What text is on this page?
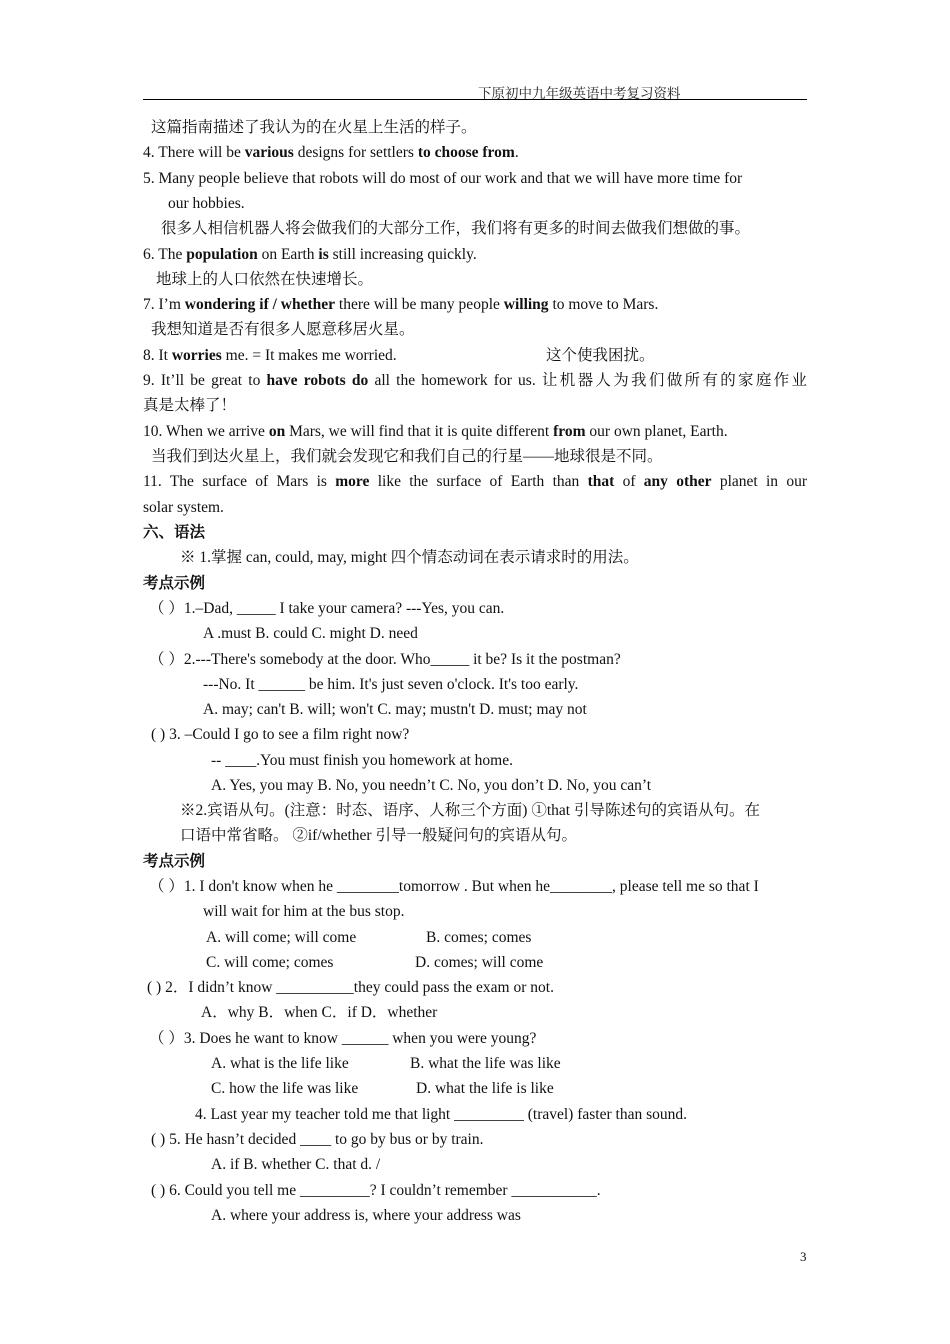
下原初中九年级英语中考复习资料
这篇指南描述了我认为的在火星上生活的样子。
4. There will be various designs for settlers to choose from.
5. Many people believe that robots will do most of our work and that we will have more time for
our hobbies.
很多人相信机器人将会做我们的大部分工作，我们将有更多的时间去做我们想做的事。
6. The population on Earth is still increasing quickly.
地球上的人口依然在快速增长。
7. I’m wondering if / whether there will be many people willing to move to Mars.
我想知道是否有很多人愿意移居火星。
8. It worries me. = It makes me worried.	这个使我困扰。
9. It’ll be great to have robots do all the homework for us. 让机器人为我们做所有的家庭作业
真是太棒了！
10. When we arrive on Mars, we will find that it is quite different from our own planet, Earth.
当我们到达火星上，我们就会发现它和我们自己的行星——地球很是不同。
11. The surface of Mars is more like the surface of Earth than that of any other planet in our
solar system.
六、语法
※ 1.掌握 can, could, may, might 四个情态动词在表示请求时的用法。
考点示例
（ ）1.–Dad, _____ I take your camera? ---Yes, you can.
A .must B. could C. might D. need
（ ）2.---There's somebody at the door. Who_____ it be? Is it the postman?
---No. It ______ be him. It's just seven o'clock. It's too early.
A. may; can't B. will; won't C. may; mustn't D. must; may not
( ) 3. –Could I go to see a film right now?
-- ____.You must finish you homework at home.
A. Yes, you may B. No, you needn’t C. No, you don’t D. No, you can’t
※2.宾语从句。(注意：时态、语序、人称三个方面) ①that 引导陈述句的宾语从句。在
口语中常省略。 ②if/whether 引导一般疑问句的宾语从句。
考点示例
（ ）1. I don't know when he ________tomorrow . But when he________, please tell me so that I
will wait for him at the bus stop.
A. will come; will come	B. comes; comes
C. will come; comes	D. comes; will come
( ) 2．I didn’t know __________they could pass the exam or not.
A．why B．when C．if D．whether
（ ）3. Does he want to know ______ when you were young?
A. what is the life like	B. what the life was like
C. how the life was like	D. what the life is like
4. Last year my teacher told me that light _________ (travel) faster than sound.
( ) 5. He hasn’t decided ____ to go by bus or by train.
A. if B. whether C. that d. /
( ) 6. Could you tell me _________? I couldn’t remember ___________.
A. where your address is, where your address was
3
